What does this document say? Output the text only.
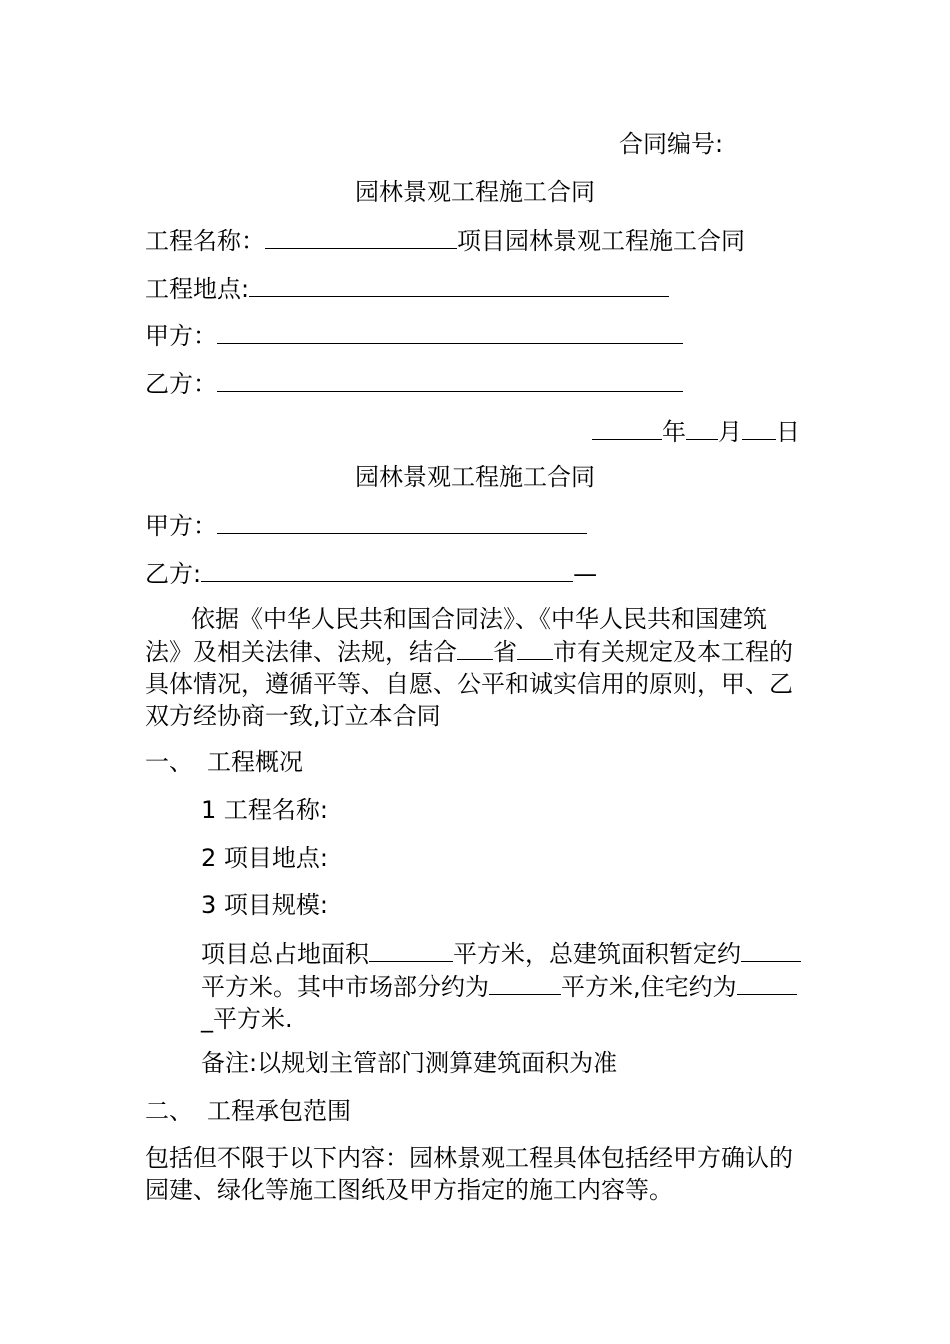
合同编号:
园林景观工程施工合同
工程名称：	项目园林景观工程施工合同
工程地点:
甲方：
乙方：
年 月 日
园林景观工程施工合同
甲方：
乙方:	—
依据《中华人民共和国合同法》、《中华人民共和国建筑
法》及相关法律、法规，结合 省 市有关规定及本工程的
具体情况，遵循平等、自愿、公平和诚实信用的原则，甲、乙
双方经协商一致,订立本合同
一、 工程概况
1 工程名称:
2 项目地点:
3 项目规模:
项目总占地面积	平方米，总建筑面积暂定约
平方米。其中市场部分约为	平方米,住宅约为
_平方米.
备注:以规划主管部门测算建筑面积为准
二、 工程承包范围
包括但不限于以下内容：园林景观工程具体包括经甲方确认的
园建、绿化等施工图纸及甲方指定的施工内容等。
